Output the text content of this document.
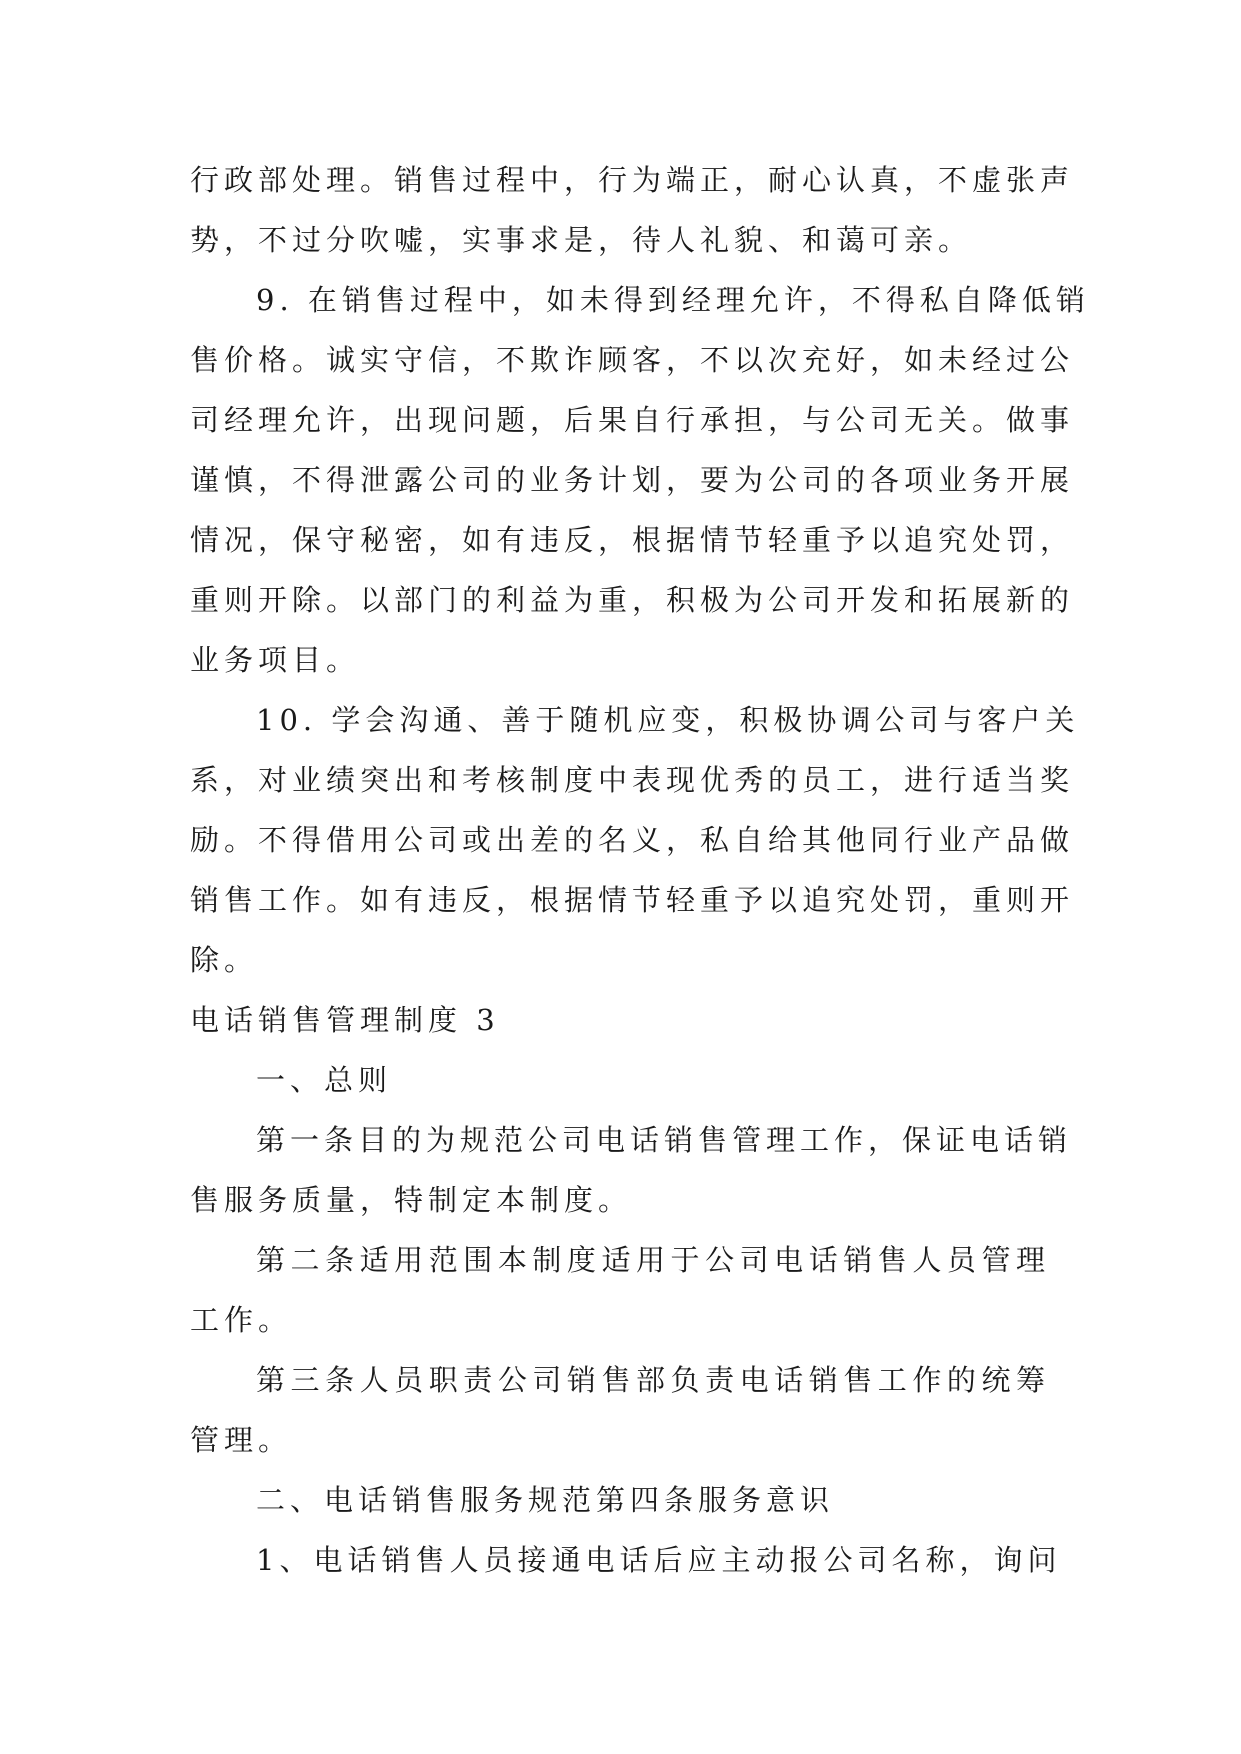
行政部处理。销售过程中，行为端正，耐心认真，不虚张声
势，不过分吹嘘，实事求是，待人礼貌、和蔼可亲。
9. 在销售过程中，如未得到经理允许，不得私自降低销
售价格。诚实守信，不欺诈顾客，不以次充好，如未经过公
司经理允许，出现问题，后果自行承担，与公司无关。做事
谨慎，不得泄露公司的业务计划，要为公司的各项业务开展
情况，保守秘密，如有违反，根据情节轻重予以追究处罚，
重则开除。以部门的利益为重，积极为公司开发和拓展新的
业务项目。
10. 学会沟通、善于随机应变，积极协调公司与客户关
系，对业绩突出和考核制度中表现优秀的员工，进行适当奖
励。不得借用公司或出差的名义，私自给其他同行业产品做
销售工作。如有违反，根据情节轻重予以追究处罚，重则开
除。
电话销售管理制度 3
一、总则
第一条目的为规范公司电话销售管理工作，保证电话销
售服务质量，特制定本制度。
第二条适用范围本制度适用于公司电话销售人员管理
工作。
第三条人员职责公司销售部负责电话销售工作的统筹
管理。
二、电话销售服务规范第四条服务意识
1、电话销售人员接通电话后应主动报公司名称，询问
